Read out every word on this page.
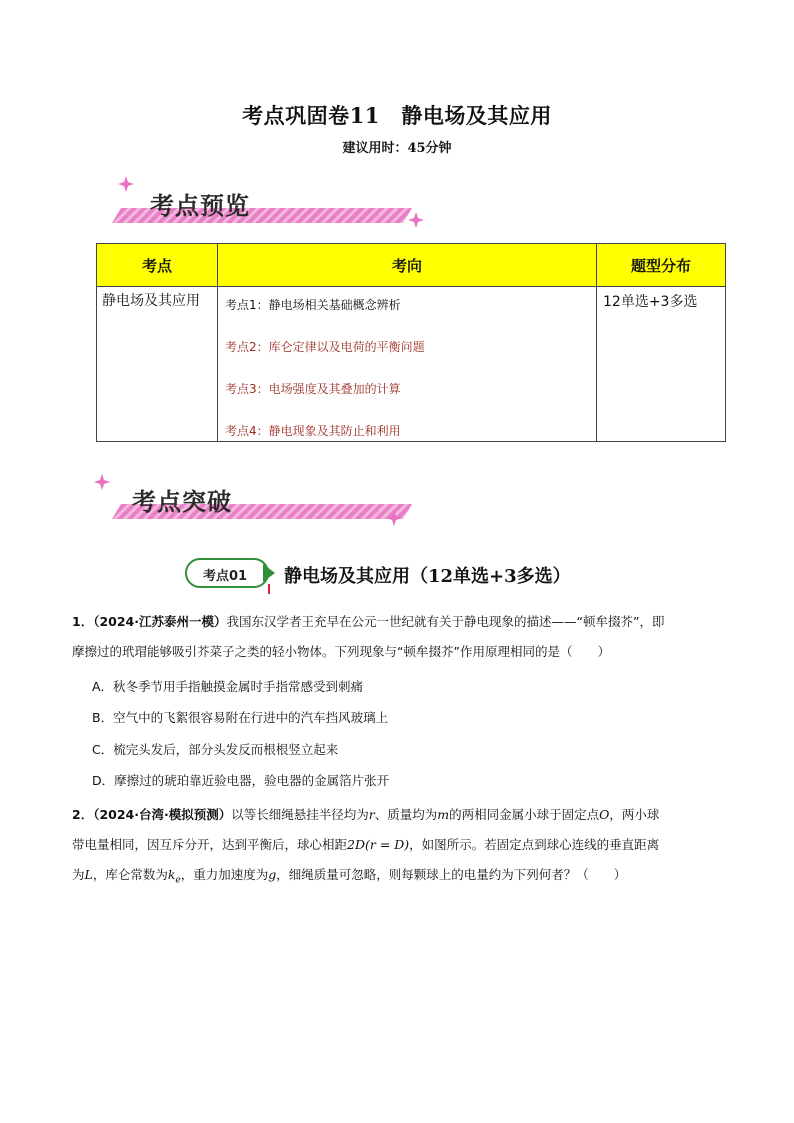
考点巩固卷11　静电场及其应用
建议用时：45分钟
考点预览
考点	考向	题型分布
静电场及其应用	考点1：静电场相关基础概念辨析
考点2：库仑定律以及电荷的平衡问题
考点3：电场强度及其叠加的计算
考点4：静电现象及其防止和利用	12单选+3多选
考点突破
考点01 静电场及其应用（12单选+3多选）
1．（2024·江苏泰州一模）我国东汉学者王充早在公元一世纪就有关于静电现象的描述——“顿牟掇芥”，即
摩擦过的玳瑁能够吸引芥菜子之类的轻小物体。下列现象与“顿牟掇芥”作用原理相同的是（　　）
A．秋冬季节用手指触摸金属时手指常感受到刺痛
B．空气中的飞絮很容易附在行进中的汽车挡风玻璃上
C．梳完头发后，部分头发反而根根竖立起来
D．摩擦过的琥珀靠近验电器，验电器的金属箔片张开
2．（2024·台湾·模拟预测）以等长细绳悬挂半径均为r、质量均为m的两相同金属小球于固定点O，两小球
带电量相同，因互斥分开，达到平衡后，球心相距2D(r = D)，如图所示。若固定点到球心连线的垂直距离
为L，库仑常数为$k_e$，重力加速度为g，细绳质量可忽略，则每颗球上的电量约为下列何者？（　　）
